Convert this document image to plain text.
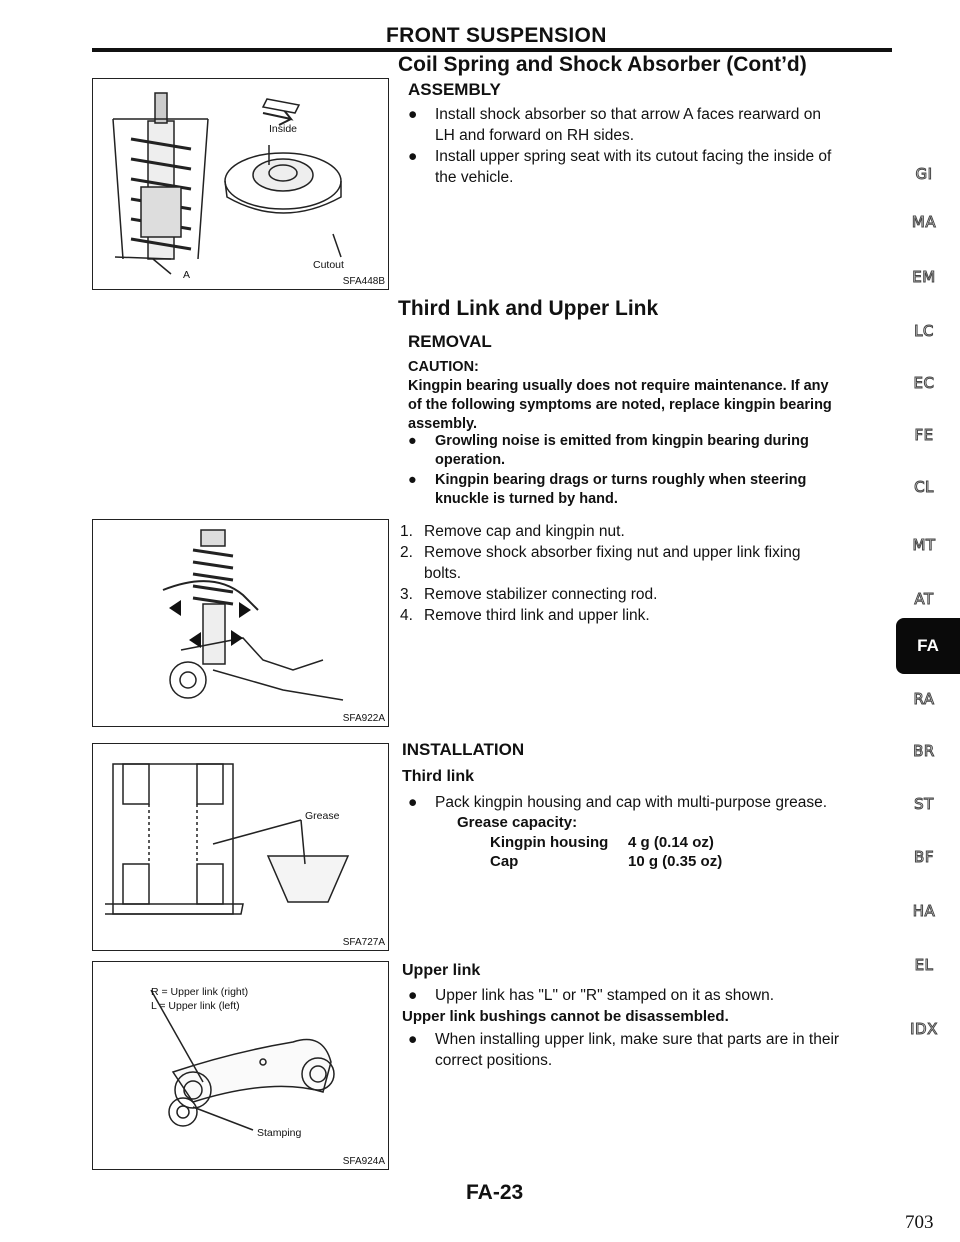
FRONT SUSPENSION
Coil Spring and Shock Absorber (Cont’d)
ASSEMBLY
● Install shock absorber so that arrow A faces rearward on
LH and forward on RH sides.
● Install upper spring seat with its cutout facing the inside of
the vehicle.
Third Link and Upper Link
REMOVAL
CAUTION:
Kingpin bearing usually does not require maintenance. If any
of the following symptoms are noted, replace kingpin bearing
assembly.
● Growling noise is emitted from kingpin bearing during
operation.
● Kingpin bearing drags or turns roughly when steering
knuckle is turned by hand.
1. Remove cap and kingpin nut.
2. Remove shock absorber fixing nut and upper link fixing
bolts.
3. Remove stabilizer connecting rod.
4. Remove third link and upper link.
INSTALLATION
Third link
● Pack kingpin housing and cap with multi-purpose grease.
Grease capacity:
Kingpin housing 4 g (0.14 oz)
Cap	10 g (0.35 oz)
Upper link
● Upper link has "L" or "R" stamped on it as shown.
Upper link bushings cannot be disassembled.
● When installing upper link, make sure that parts are in their
correct positions.
Inside
Cutout
A
SFA448B
SFA922A
Grease
SFA727A
R = Upper link (right)
L = Upper link (left)
Stamping
SFA924A
GI
MA
EM
LC
EC
FE
CL
MT
AT
FA
RA
BR
ST
BF
HA
EL
IDX
FA-23
703
